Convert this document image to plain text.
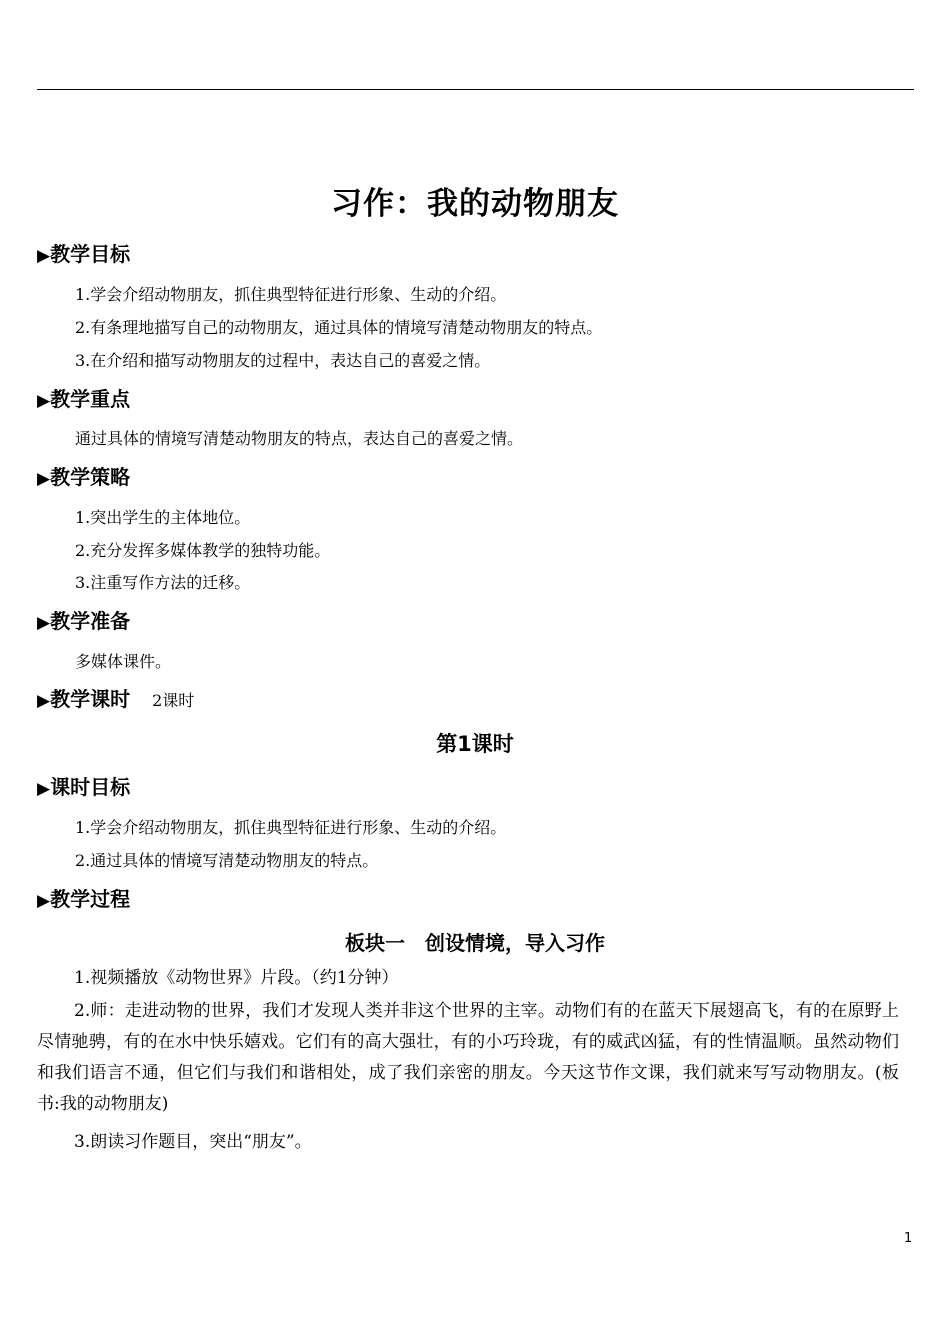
习作：我的动物朋友
▶教学目标
1.学会介绍动物朋友，抓住典型特征进行形象、生动的介绍。
2.有条理地描写自己的动物朋友，通过具体的情境写清楚动物朋友的特点。
3.在介绍和描写动物朋友的过程中，表达自己的喜爱之情。
▶教学重点
通过具体的情境写清楚动物朋友的特点，表达自己的喜爱之情。
▶教学策略
1.突出学生的主体地位。
2.充分发挥多媒体教学的独特功能。
3.注重写作方法的迁移。
▶教学准备
多媒体课件。
▶教学课时 2课时
第1课时
▶课时目标
1.学会介绍动物朋友，抓住典型特征进行形象、生动的介绍。
2.通过具体的情境写清楚动物朋友的特点。
▶教学过程
板块一　创设情境，导入习作
1.视频播放《动物世界》片段。（约1分钟）
2.师：走进动物的世界，我们才发现人类并非这个世界的主宰。动物们有的在蓝天下展翅高飞，有的在原野上尽情驰骋，有的在水中快乐嬉戏。它们有的高大强壮，有的小巧玲珑，有的威武凶猛，有的性情温顺。虽然动物们和我们语言不通，但它们与我们和谐相处，成了我们亲密的朋友。今天这节作文课，我们就来写写动物朋友。(板书:我的动物朋友)
3.朗读习作题目，突出“朋友”。
1
